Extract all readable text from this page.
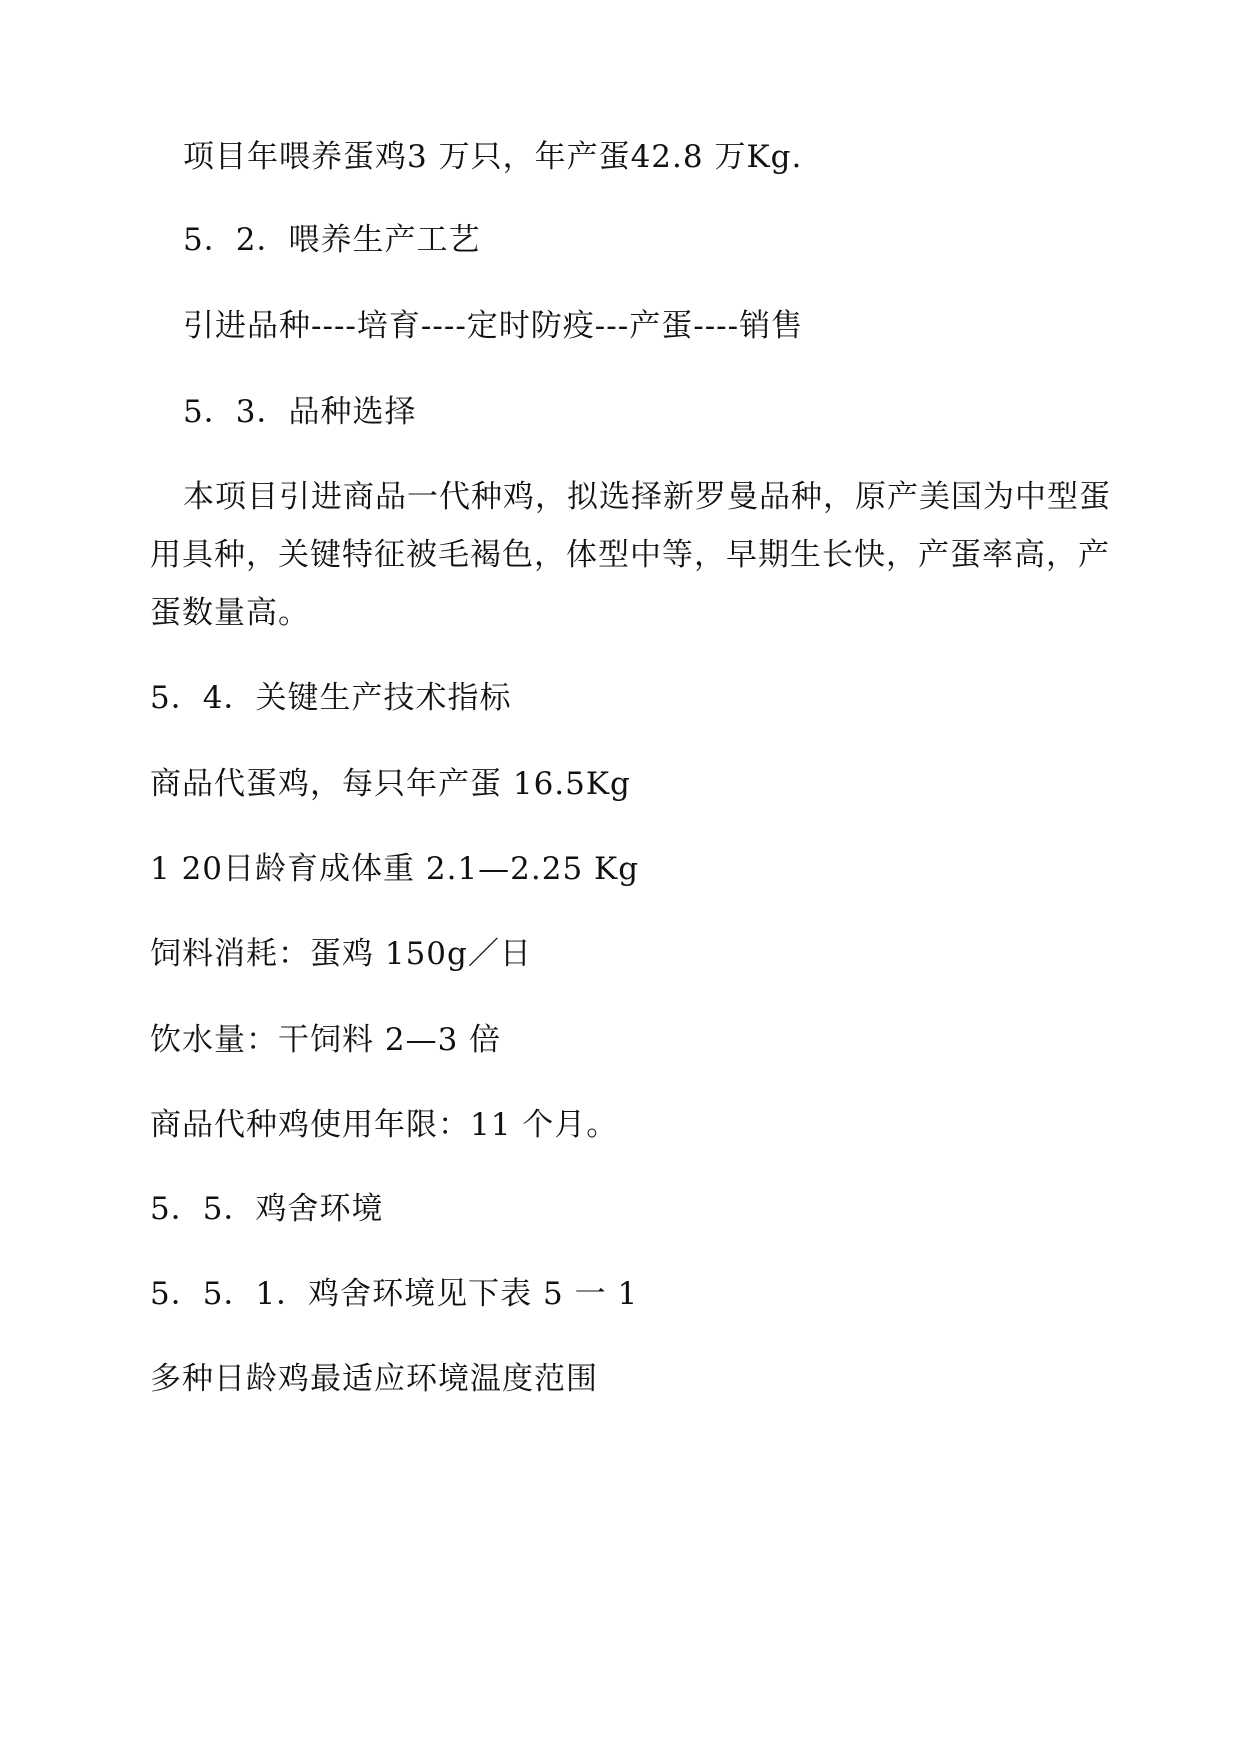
项目年喂养蛋鸡3 万只，年产蛋42.8 万Kg.
5．2．喂养生产工艺
引进品种----培育----定时防疫---产蛋----销售
5．3．品种选择
本项目引进商品一代种鸡，拟选择新罗曼品种，原产美国为中型蛋
用具种，关键特征被毛褐色，体型中等，早期生长快，产蛋率高，产
蛋数量高。
5．4．关键生产技术指标
商品代蛋鸡，每只年产蛋 16.5Kg
1 20日龄育成体重 2.1—2.25 Kg
饲料消耗：蛋鸡 150g／日
饮水量：干饲料 2—3 倍
商品代种鸡使用年限：11 个月。
5．5．鸡舍环境
5．5．1．鸡舍环境见下表 5 一 1
多种日龄鸡最适应环境温度范围
